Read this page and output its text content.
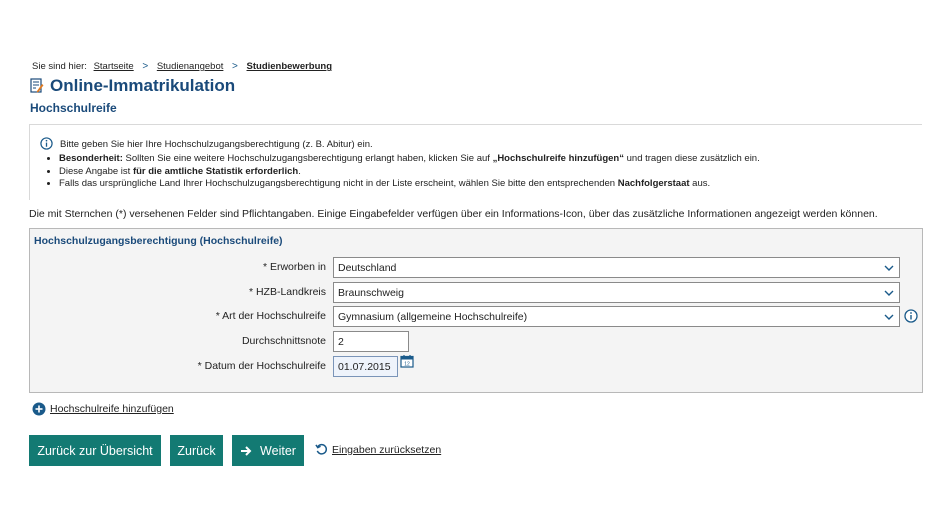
Sie sind hier: Startseite > Studienangebot > Studienbewerbung
Online-Immatrikulation
Hochschulreife
Bitte geben Sie hier Ihre Hochschulzugangsberechtigung (z. B. Abitur) ein.
• Besonderheit: Sollten Sie eine weitere Hochschulzugangsberechtigung erlangt haben, klicken Sie auf „Hochschulreife hinzufügen“ und tragen diese zusätzlich ein.
• Diese Angabe ist für die amtliche Statistik erforderlich.
• Falls das ursprüngliche Land Ihrer Hochschulzugangsberechtigung nicht in der Liste erscheint, wählen Sie bitte den entsprechenden Nachfolgerstaat aus.
Die mit Sternchen (*) versehenen Felder sind Pflichtangaben. Einige Eingabefelder verfügen über ein Informations-Icon, über das zusätzliche Informationen angezeigt werden können.
Hochschulzugangsberechtigung (Hochschulreife)
* Erworben in	Deutschland
* HZB-Landkreis	Braunschweig
* Art der Hochschulreife	Gymnasium (allgemeine Hochschulreife)
Durchschnittsnote	2
* Datum der Hochschulreife	01.07.2015	12
Hochschulreife hinzufügen
Zurück zur Übersicht	Zurück	Weiter	Eingaben zurücksetzen
